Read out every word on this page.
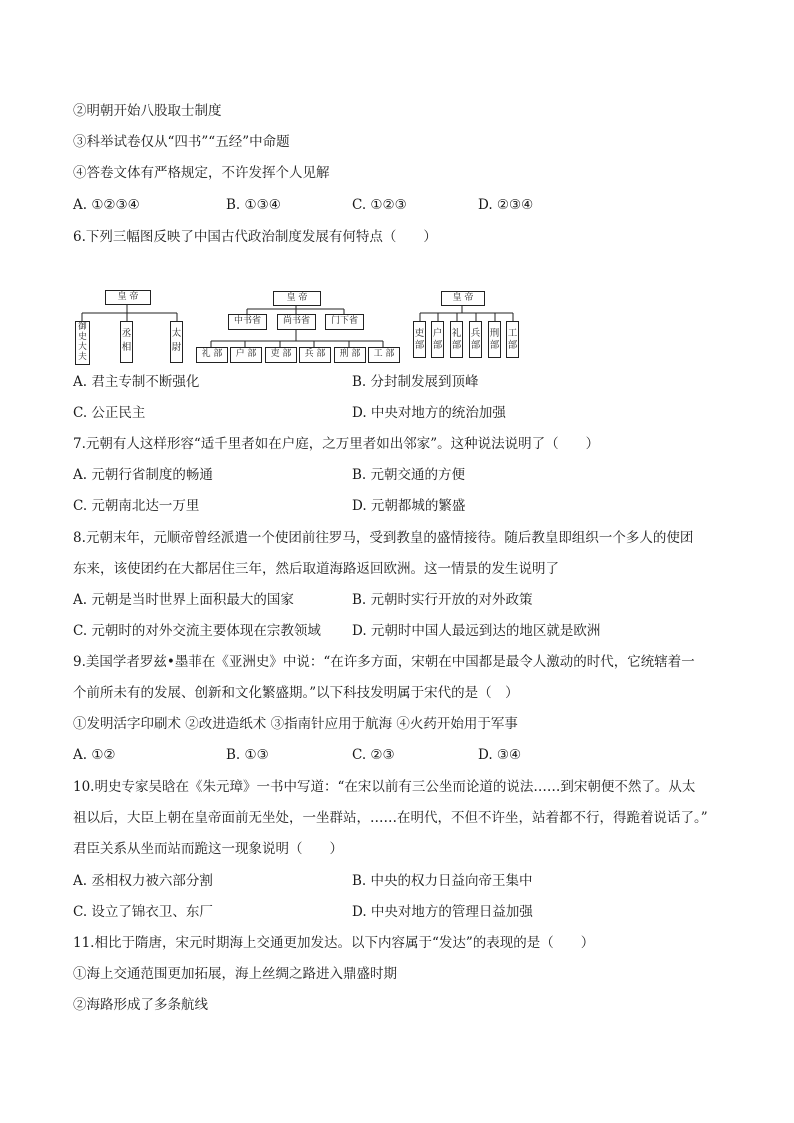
②明朝开始八股取士制度
③科举试卷仅从“四书”“五经”中命题
④答卷文体有严格规定，不许发挥个人见解
A. ①②③④	B. ①③④	C. ①②③	D. ②③④
6.下列三幅图反映了中国古代政治制度发展有何特点（　　）
皇 帝
御史大夫
丞相
太尉
皇 帝
中书省	尚书省	门下省
礼 部	户 部	吏 部	兵 部	刑 部	工 部
皇 帝
吏部
户部
礼部
兵部
刑部
工部
A. 君主专制不断强化	B. 分封制发展到顶峰
C. 公正民主	D. 中央对地方的统治加强
7.元朝有人这样形容“适千里者如在户庭，之万里者如出邻家”。这种说法说明了（　　）
A. 元朝行省制度的畅通	B. 元朝交通的方便
C. 元朝南北达一万里	D. 元朝都城的繁盛
8.元朝末年，元顺帝曾经派遣一个使团前往罗马，受到教皇的盛情接待。随后教皇即组织一个多人的使团
东来，该使团约在大都居住三年，然后取道海路返回欧洲。这一情景的发生说明了
A. 元朝是当时世界上面积最大的国家	B. 元朝时实行开放的对外政策
C. 元朝时的对外交流主要体现在宗教领域 D. 元朝时中国人最远到达的地区就是欧洲
9.美国学者罗兹•墨菲在《亚洲史》中说：“在许多方面，宋朝在中国都是最令人激动的时代，它统辖着一
个前所未有的发展、创新和文化繁盛期。”以下科技发明属于宋代的是（　）
①发明活字印刷术 ②改进造纸术 ③指南针应用于航海 ④火药开始用于军事
A. ①②	B. ①③	C. ②③	D. ③④
10.明史专家吴晗在《朱元璋》一书中写道：“在宋以前有三公坐而论道的说法……到宋朝便不然了。从太
祖以后，大臣上朝在皇帝面前无坐处，一坐群站，……在明代，不但不许坐，站着都不行，得跪着说话了。”
君臣关系从坐而站而跪这一现象说明（　　）
A. 丞相权力被六部分割	B. 中央的权力日益向帝王集中
C. 设立了锦衣卫、东厂	D. 中央对地方的管理日益加强
11.相比于隋唐，宋元时期海上交通更加发达。以下内容属于“发达”的表现的是（　　）
①海上交通范围更加拓展，海上丝绸之路进入鼎盛时期
②海路形成了多条航线
